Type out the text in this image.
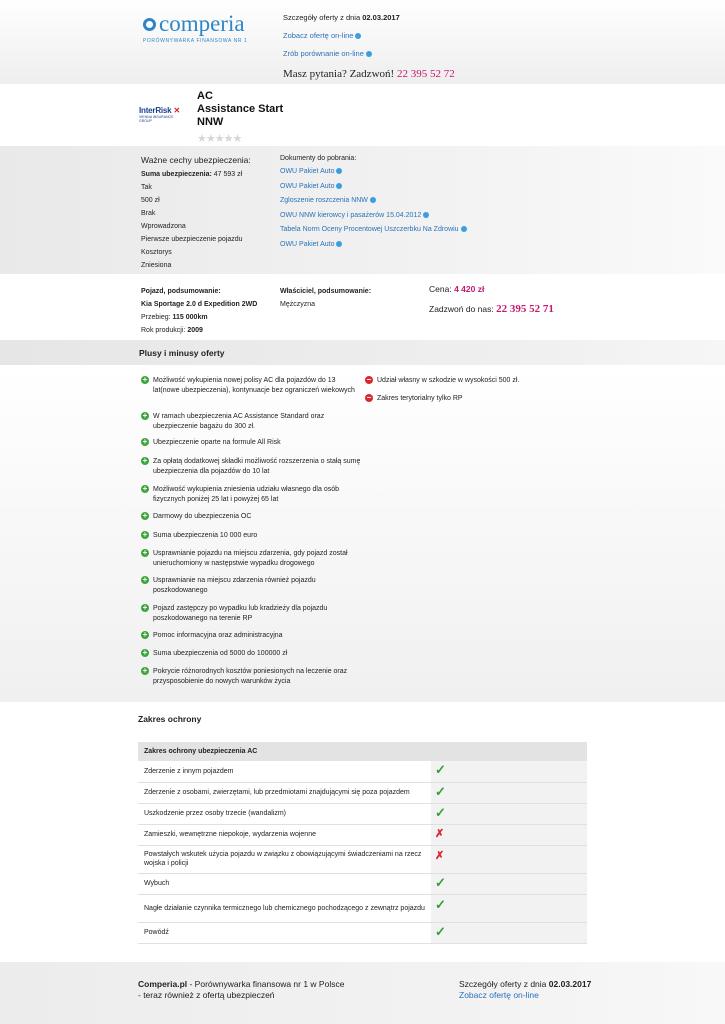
comperia
PORÓWNYWARKA FINANSOWA NR 1
Szczegóły oferty z dnia 02.03.2017
Zobacz ofertę on-line
Zrób porównanie on-line
Masz pytania? Zadzwoń! 22 395 52 72
InterRisk ✕
VIENNA INSURANCE GROUP
AC
Assistance Start
NNW
★★★★★
Ważne cechy ubezpieczenia:
Suma ubezpieczenia: 47 593 zł
Tak
500 zł
Brak
Wprowadzona
Pierwsze ubezpieczenie pojazdu
Kosztorys
Zniesiona
Dokumenty do pobrania:
OWU Pakiet Auto
OWU Pakiet Auto
Zgloszenie roszczenia NNW
OWU NNW kierowcy i pasażerów 15.04.2012
Tabela Norm Oceny Procentowej Uszczerbku Na Zdrowiu
OWU Pakiet Auto
Pojazd, podsumowanie:
Kia Sportage 2.0 d Expedition 2WD
Przebieg: 115 000km
Rok produkcji: 2009
Właściciel, podsumowanie:
Mężczyzna
Cena: 4 420 zł
Zadzwoń do nas: 22 395 52 71
Plusy i minusy oferty
+ Możliwość wykupienia nowej polisy AC dla pojazdów do 13 lat(nowe ubezpieczenia), kontynuacje bez ograniczeń wiekowych
+ W ramach ubezpieczenia AC Assistance Standard oraz ubezpieczenie bagażu do 300 zł.
+ Ubezpieczenie oparte na formule All Risk
+ Za opłatą dodatkowej składki możliwość rozszerzenia o stałą sumę ubezpieczenia dla pojazdów do 10 lat
+ Możliwość wykupienia zniesienia udziału własnego dla osób fizycznych poniżej 25 lat i powyżej 65 lat
+ Darmowy do ubezpieczenia OC
+ Suma ubezpieczenia 10 000 euro
+ Usprawnianie pojazdu na miejscu zdarzenia, gdy pojazd został unieruchomiony w następstwie wypadku drogowego
+ Usprawnianie na miejscu zdarzenia również pojazdu poszkodowanego
+ Pojazd zastępczy po wypadku lub kradzieży dla pojazdu poszkodowanego na terenie RP
+ Pomoc informacyjna oraz administracyjna
+ Suma ubezpieczenia od 5000 do 100000 zł
+ Pokrycie różnorodnych kosztów poniesionych na leczenie oraz przysposobienie do nowych warunków życia
− Udział własny w szkodzie w wysokości 500 zł.
− Zakres terytorialny tylko RP
Zakres ochrony
Zakres ochrony ubezpieczenia AC	
Zderzenie z innym pojazdem	✓
Zderzenie z osobami, zwierzętami, lub przedmiotami znajdującymi się poza pojazdem	✓
Uszkodzenie przez osoby trzecie (wandalizm)	✓
Zamieszki, wewnętrzne niepokoje, wydarzenia wojenne	✗
Powstałych wskutek użycia pojazdu w związku z obowiązującymi świadczeniami na rzecz wojska i policji	✗
Wybuch	✓
Nagłe działanie czynnika termicznego lub chemicznego pochodzącego z zewnątrz pojazdu	✓
Powódź	✓
Comperia.pl - Porównywarka finansowa nr 1 w Polsce
- teraz również z ofertą ubezpieczeń
Szczegóły oferty z dnia 02.03.2017
Zobacz ofertę on-line
